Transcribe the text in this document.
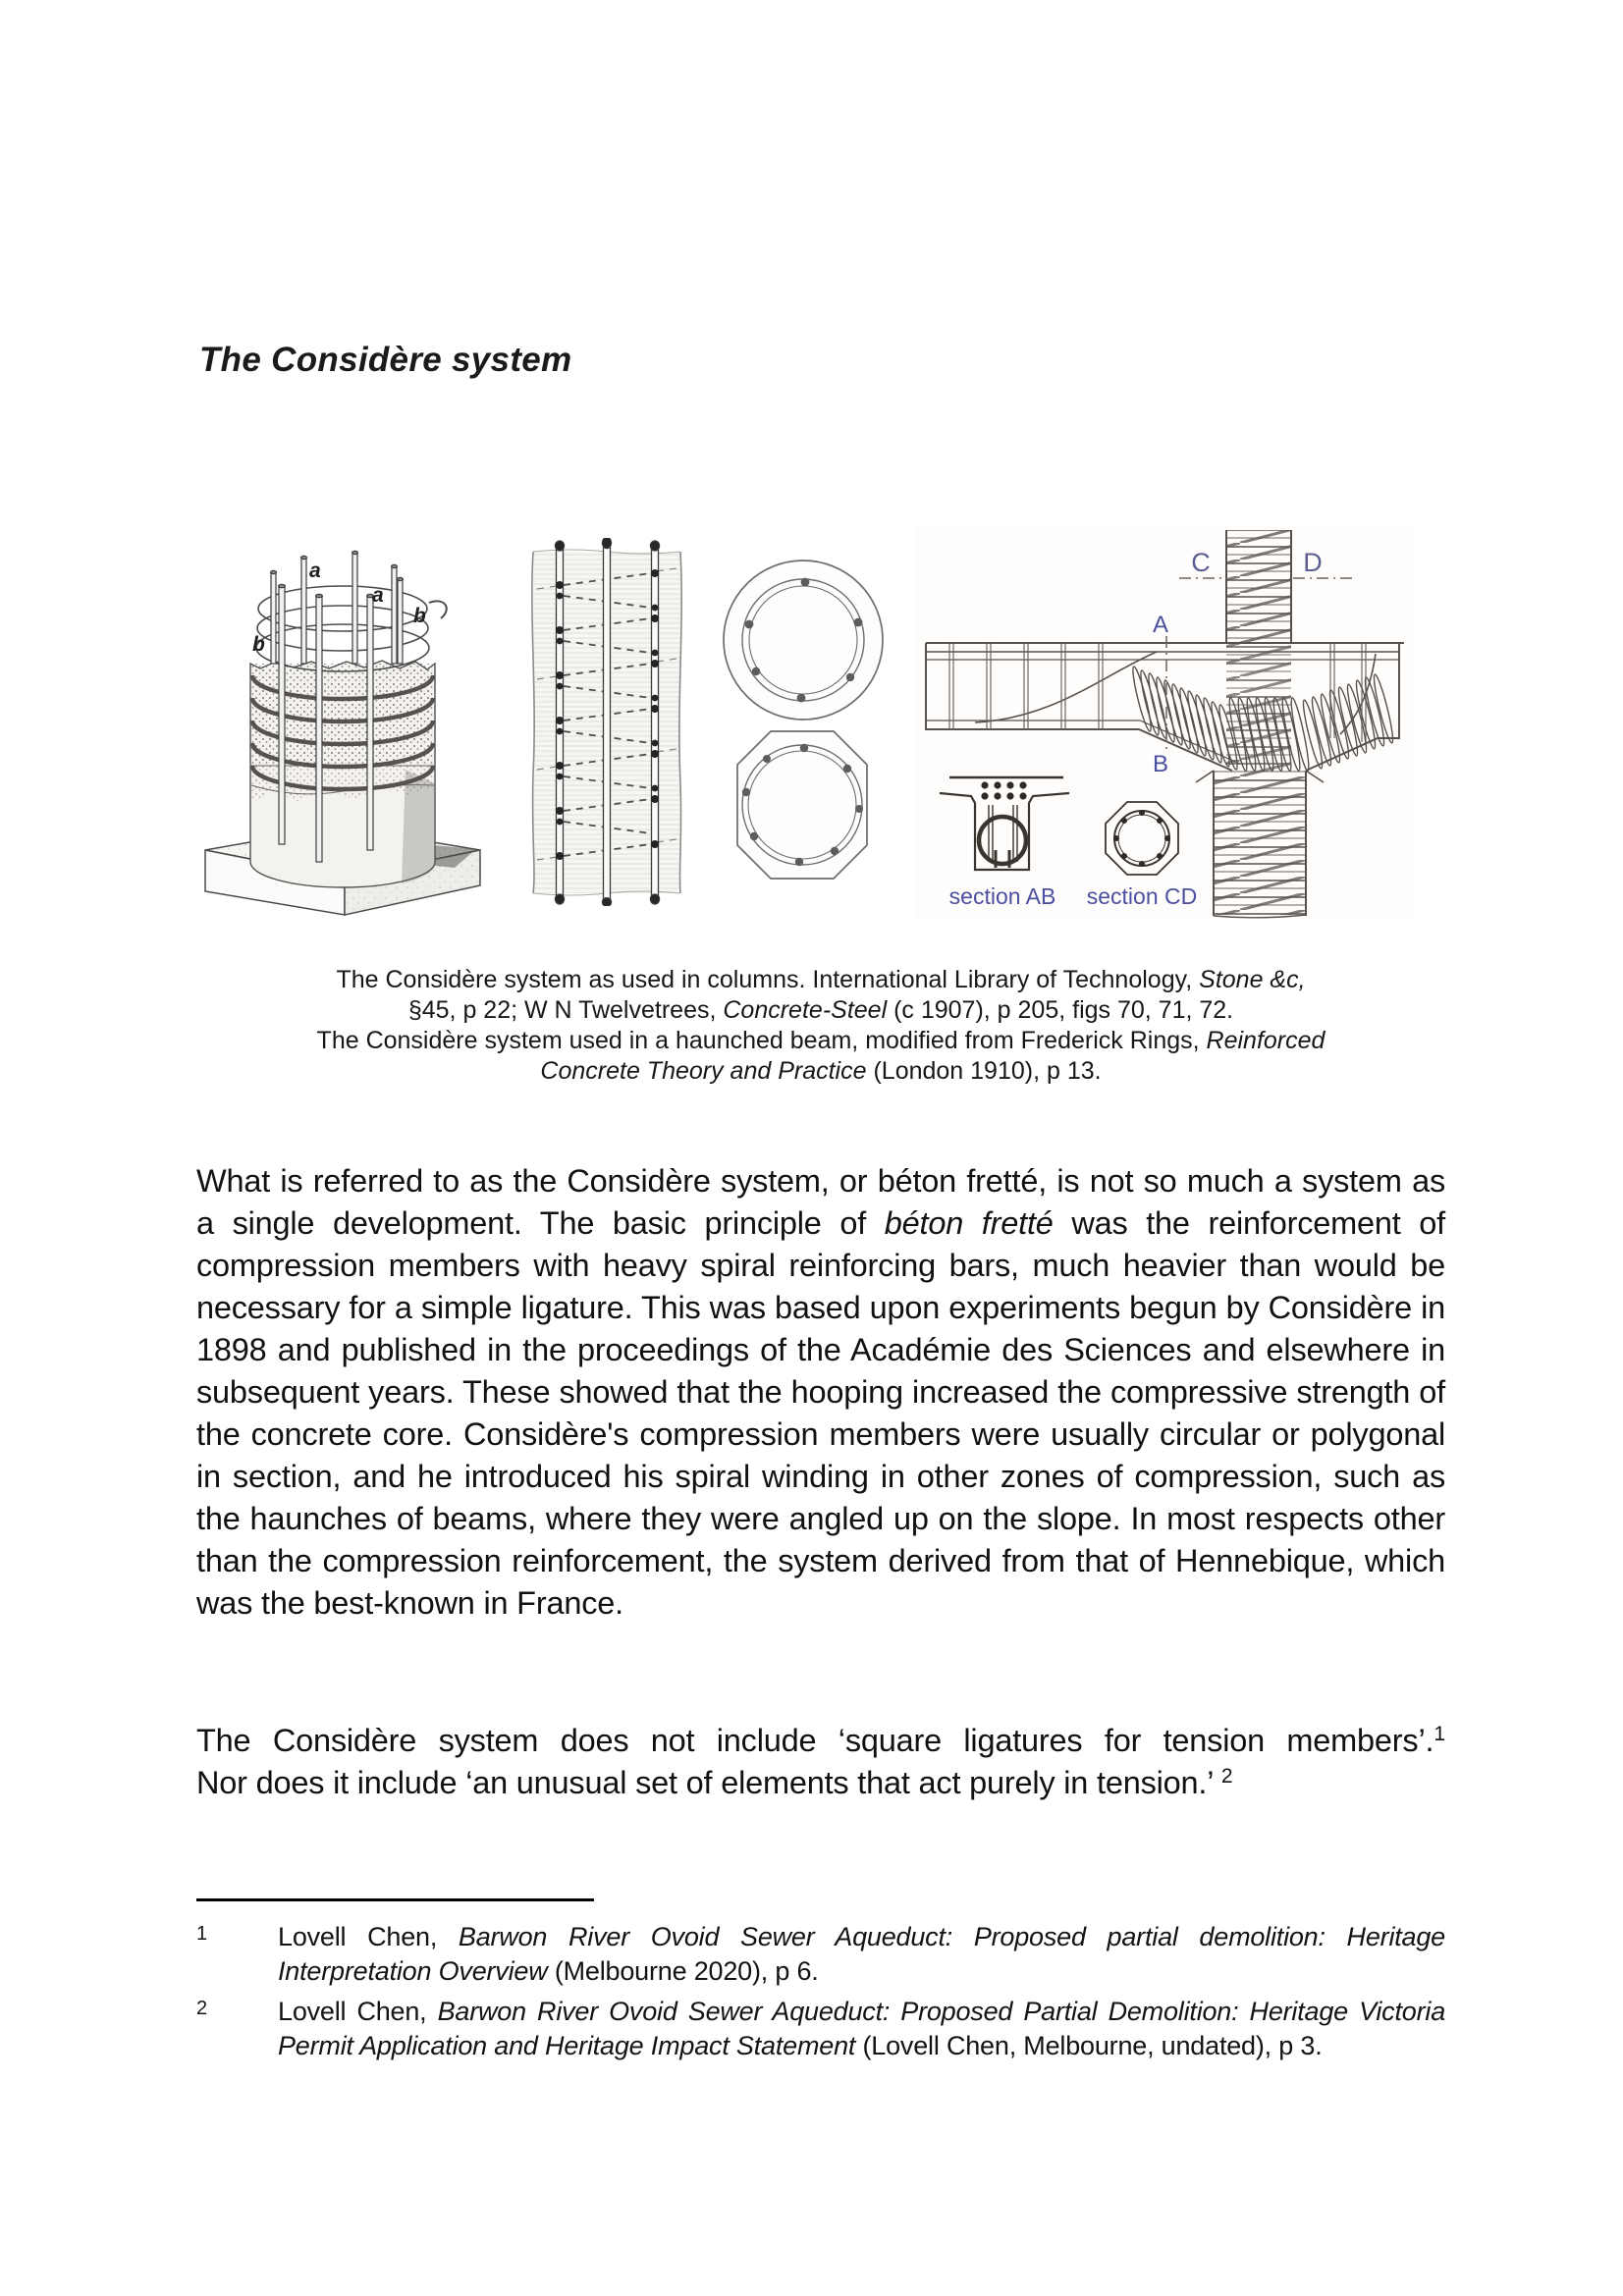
The Considère system
a
a
b
b
C	D
A
B
section AB section CD
The Considère system as used in columns. International Library of Technology, Stone &c,
§45, p 22; W N Twelvetrees, Concrete-Steel (c 1907), p 205, figs 70, 71, 72.
The Considère system used in a haunched beam, modified from Frederick Rings, Reinforced
Concrete Theory and Practice (London 1910), p 13.
What is referred to as the Considère system, or béton fretté, is not so much a system as a single development. The basic principle of béton fretté was the reinforcement of compression members with heavy spiral reinforcing bars, much heavier than would be necessary for a simple ligature. This was based upon experiments begun by Considère in 1898 and published in the proceedings of the Académie des Sciences and elsewhere in subsequent years. These showed that the hooping increased the compressive strength of the concrete core. Considère's compression members were usually circular or polygonal in section, and he introduced his spiral winding in other zones of compression, such as the haunches of beams, where they were angled up on the slope. In most respects other than the compression reinforcement, the system derived from that of Hennebique, which was the best-known in France.
The Considère system does not include ‘square ligatures for tension members’.$^1$
Nor does it include ‘an unusual set of elements that act purely in tension.’ $^2$
1	Lovell Chen, Barwon River Ovoid Sewer Aqueduct: Proposed partial demolition: Heritage Interpretation Overview (Melbourne 2020), p 6.
2	Lovell Chen, Barwon River Ovoid Sewer Aqueduct: Proposed Partial Demolition: Heritage Victoria Permit Application and Heritage Impact Statement (Lovell Chen, Melbourne, undated), p 3.
